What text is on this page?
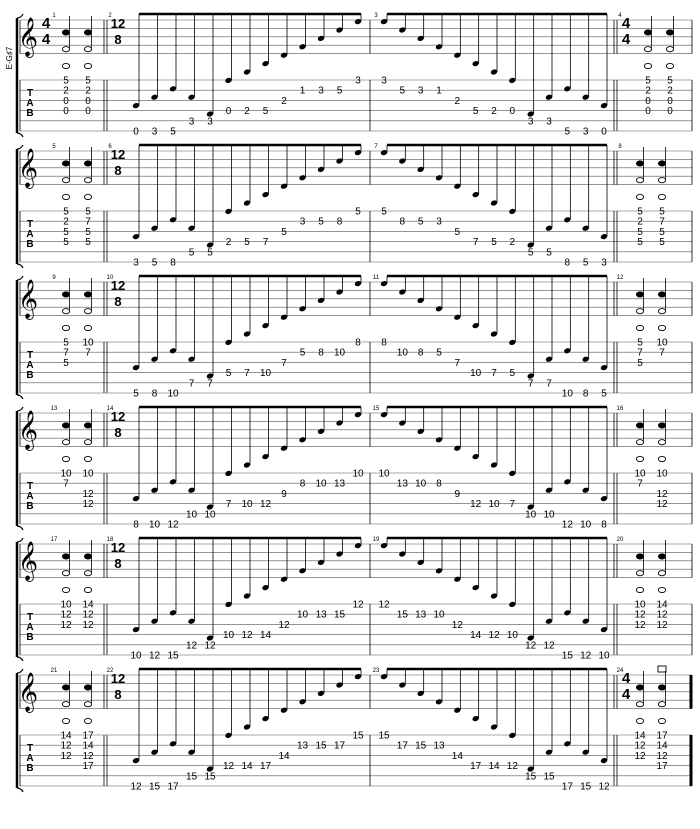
E-G♯7
𝄞
T
A
B
1
4
4
5
2
0
0
5
2
0
0
2 12
8
0 3 5
3 3
0 2 5
2
1 3 5
3
3
3
5 3 1
2
5 2 0
3 3
5 3 0
4 4
4
5
2
0
0
5
2
0
0
𝄞
T
A
B
5
5
2
5
5
5
7
5
5
6 12
8
3 5 8
5 5
2 5 7
5
3 5 8
5
7
5
8 5 3
5
7 5 2
5 5
8 5 3
8
5
2
5
5
5
7
5
5
𝄞
T
A
B
9
5
7
5
10
7
10
12
8
5 8 10
7 7
5 7 10
7
5 8 10
8
11
8
10 8 5
7
10 7 5
7 7
10 8 5
12
5
7
5
10
7
𝄞
T
A
B
13
10
7
10
12
12
14
12
8
8 10 12
10 10
7 10 12
9
8 10 13
10
15
10
13 10 8
9
12 10 7
10 10
12 10 8
16
10
7
10
12
12
𝄞
T
A
B
17
10
12
12
14
12
12
18
12
8
10 12 15
12 12
10 12 14
12
10 13 15
12
19
12
15 13 10
12
14 12 10
12 12
15 12 10
20
10
12
12
14
12
12
𝄞
T
A
B
21
14
12
12
17
14
12
17
22
12
8
12 15 17
15 15
12 14 17
14
13 15 17
15
23
15
17 15 13
14
17 14 12
15 15
17 15 12
24
4
4
14
12
12
17
14
12
17
